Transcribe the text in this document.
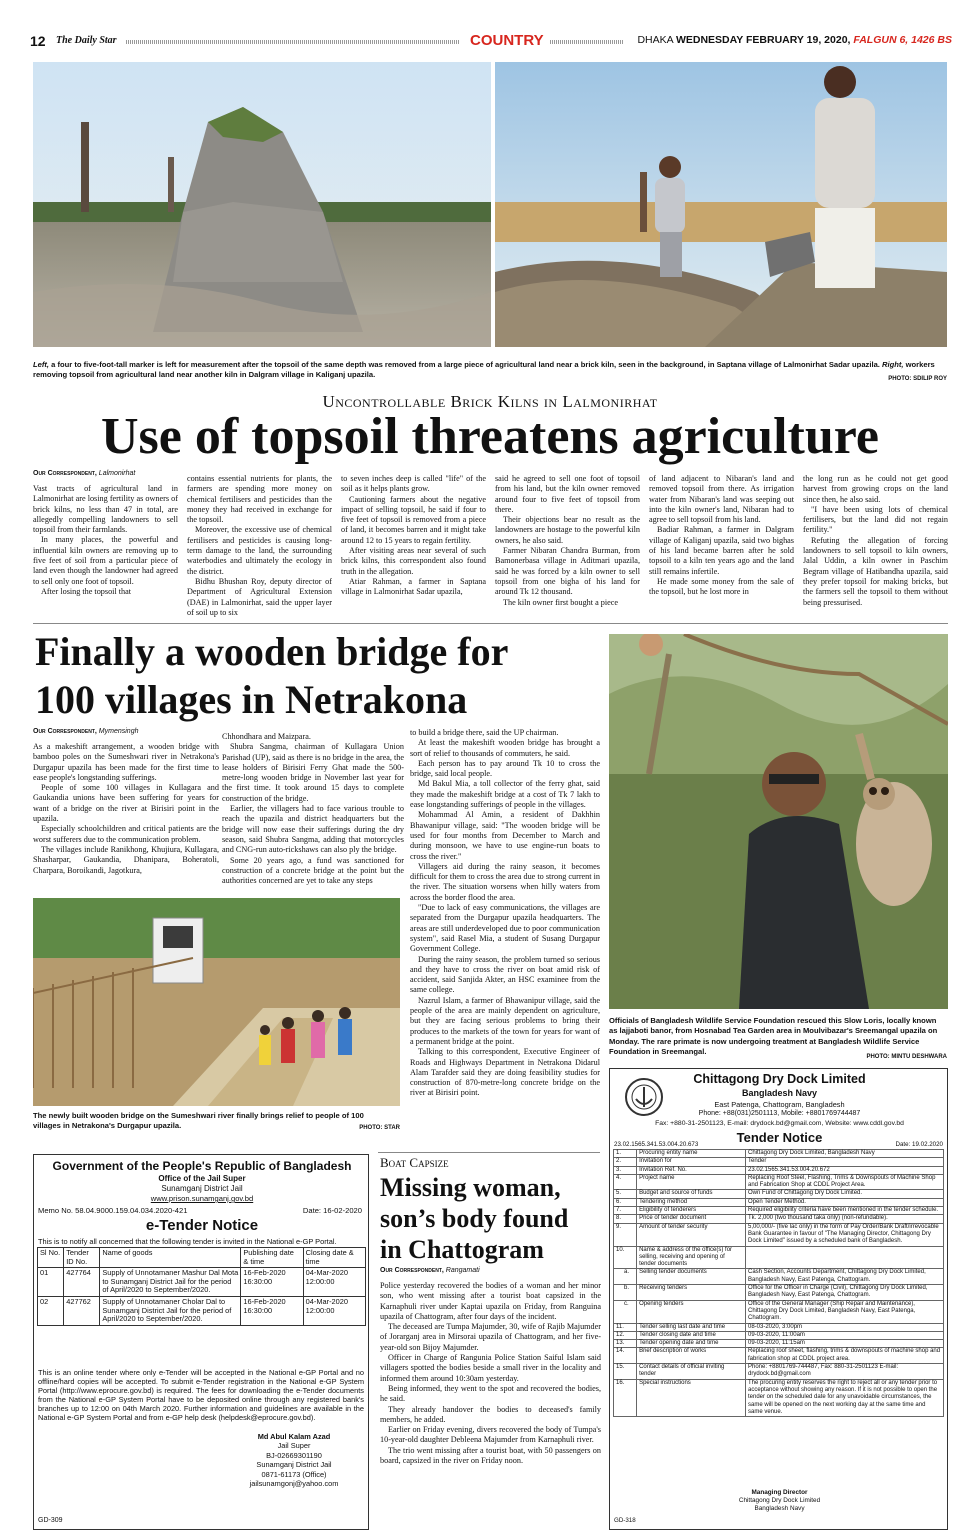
12 The Daily Star	COUNTRY	DHAKA WEDNESDAY FEBRUARY 19, 2020, FALGUN 6, 1426 BS
Left, a four to five-foot-tall marker is left for measurement after the topsoil of the same depth was removed from a large piece of agricultural land near a brick kiln, seen in the background, in Saptana village of Lalmonirhat Sadar upazila. Right, workers removing topsoil from agricultural land near another kiln in Dalgram village in Kaliganj upazila.	PHOTO: SDILIP ROY
Uncontrollable Brick Kilns in Lalmonirhat
Use of topsoil threatens agriculture
Our Correspondent, Lalmonirhat

Vast tracts of agricultural land in Lalmonirhat are losing fertility as owners of brick kilns, no less than 47 in total, are allegedly compelling landowners to sell topsoil from their farmlands.

In many places, the powerful and influential kiln owners are removing up to five feet of soil from a particular piece of land even though the landowner had agreed to sell only one foot of topsoil.

After losing the topsoil that

contains essential nutrients for plants, the farmers are spending more money on chemical fertilisers and pesticides than the money they had received in exchange for the topsoil.

Moreover, the excessive use of chemical fertilisers and pesticides is causing long-term damage to the land, the surrounding waterbodies and ultimately the ecology in the district.

Bidhu Bhushan Roy, deputy director of Department of Agricultural Extension (DAE) in Lalmonirhat, said the upper layer of soil up to six

to seven inches deep is called "life" of the soil as it helps plants grow.

Cautioning farmers about the negative impact of selling topsoil, he said if four to five feet of topsoil is removed from a piece of land, it becomes barren and it might take around 12 to 15 years to regain fertility.

After visiting areas near several of such brick kilns, this correspondent also found truth in the allegation.

Atiar Rahman, a farmer in Saptana village in Lalmonirhat Sadar upazila,

said he agreed to sell one foot of topsoil from his land, but the kiln owner removed around four to five feet of topsoil from there.

Their objections bear no result as the landowners are hostage to the powerful kiln owners, he also said.

Farmer Nibaran Chandra Burman, from Bamonerbasa village in Aditmari upazila, said he was forced by a kiln owner to sell topsoil from one bigha of his land for around Tk 12 thousand.

The kiln owner first bought a piece

of land adjacent to Nibaran's land and removed topsoil from there. As irrigation water from Nibaran's land was seeping out into the kiln owner's land, Nibaran had to agree to sell topsoil from his land.

Badiar Rahman, a farmer in Dalgram village of Kaliganj upazila, said two bighas of his land became barren after he sold topsoil to a kiln ten years ago and the land still remains infertile.

He made some money from the sale of the topsoil, but he lost more in

the long run as he could not get good harvest from growing crops on the land since then, he also said.

"I have been using lots of chemical fertilisers, but the land did not regain fertility."

Refuting the allegation of forcing landowners to sell topsoil to kiln owners, Jalal Uddin, a kiln owner in Paschim Begram village of Hatibandha upazila, said they prefer topsoil for making bricks, but the farmers sell the topsoil to them without being pressurised.

Finally a wooden bridge for
100 villages in Netrakona
Our Correspondent, Mymensingh

As a makeshift arrangement, a wooden bridge with bamboo poles on the Sumeshwari river in Netrakona's Durgapur upazila has been made for the first time to ease people's longstanding sufferings.

People of some 100 villages in Kullagara and Gaukandia unions have been suffering for years for want of a bridge on the river at Birisiri point in the upazila.

Especially schoolchildren and critical patients are the worst sufferers due to the communication problem.

The villages include Ranikhong, Khujiura, Kullagara, Shasharpar, Gaukandia, Dhanipara, Boheratoli, Charpara, Boroikandi, Jagotkura,

Chhondhara and Maizpara.

Shubra Sangma, chairman of Kullagara Union Parishad (UP), said as there is no bridge in the area, the lease holders of Birisiri Ferry Ghat made the 500-metre-long wooden bridge in November last year for the first time. It took around 15 days to complete construction of the bridge.

Earlier, the villagers had to face various trouble to reach the upazila and district headquarters but the bridge will now ease their sufferings during the dry season, said Shubra Sangma, adding that motorcycles and CNG-run auto-rickshaws can also ply the bridge.

Some 20 years ago, a fund was sanctioned for construction of a concrete bridge at the point but the authorities concerned are yet to take any steps

to build a bridge there, said the UP chairman.

At least the makeshift wooden bridge has brought a sort of relief to thousands of commuters, he said.

Each person has to pay around Tk 10 to cross the bridge, said local people.

Md Bakul Mia, a toll collector of the ferry ghat, said they made the makeshift bridge at a cost of Tk 7 lakh to ease longstanding sufferings of people in the villages.

Mohammad Al Amin, a resident of Dakhhin Bhawanipur village, said: "The wooden bridge will be used for four months from December to March and during monsoon, we have to use engine-run boats to cross the river."

Villagers aid during the rainy season, it becomes difficult for them to cross the area due to strong current in the river. The situation worsens when hilly waters from across the border flood the area.

"Due to lack of easy communications, the villages are separated from the Durgapur upazila headquarters. The areas are still underdeveloped due to poor communication system", said Rasel Mia, a student of Susang Durgapur Government College.

During the rainy season, the problem turned so serious and they have to cross the river on boat amid risk of accident, said Sanjida Akter, an HSC examinee from the same college.

Nazrul Islam, a farmer of Bhawanipur village, said the people of the area are mainly dependent on agriculture, but they are facing serious problems to bring their produces to the markets of the town for years for want of a permanent bridge at the point.

Talking to this correspondent, Executive Engineer of Roads and Highways Department in Netrakona Didarul Alam Tarafder said they are doing feasibility studies for construction of 870-metre-long concrete bridge on the river at Birisiri point.

The newly built wooden bridge on the Sumeshwari river finally brings relief to people of 100 villages in Netrakona's Durgapur upazila.	PHOTO: STAR
Officials of Bangladesh Wildlife Service Foundation rescued this Slow Loris, locally known as lajjaboti banor, from Hosnabad Tea Garden area in Moulvibazar's Sreemangal upazila on Monday. The rare primate is now undergoing treatment at Bangladesh Wildlife Service Foundation in Sreemangal.
PHOTO: MINTU DESHWARA
Chittagong Dry Dock Limited
Bangladesh Navy
East Patenga, Chattogram, Bangladesh
Phone: +88(031)2501113, Mobile: +8801769744487
Fax: +880-31-2501123, E-mail: drydock.bd@gmail.com, Website: www.cddl.gov.bd
23.02.1565.341.53.004.20.673	Tender Notice	Date: 19.02.2020
1.	Procuring entity name	Chittagong Dry Dock Limited, Bangladesh Navy
2.	Invitation for	Tender
3.	Invitation Ref. No.	23.02.1565.341.53.004.20.672
4.	Project name	Replacing Roof Steel, Flashing, Trims & Downspouts of Machine Shop and Fabrication Shop at CDDL Project Area.
5.	Budget and source of funds	Own Fund of Chittagong Dry Dock Limited.
6.	Tendering method	Open Tender Method.
7.	Eligibility of tenderers	Required eligibility criteria have been mentioned in the tender schedule.
8.	Price of tender document	Tk. 2,000 (two thousand taka only) (non-refundable).
9.	Amount of tender security	5,00,000/- (five lac only) in the form of Pay Order/Bank Draft/irrevocable Bank Guarantee in favour of "The Managing Director, Chittagong Dry Dock Limited" issued by a scheduled bank of Bangladesh.
10.	Name & address of the office(s) for selling, receiving and opening of tender documents	
a.	Selling tender documents	Cash Section, Accounts Department, Chittagong Dry Dock Limited, Bangladesh Navy, East Patenga, Chattogram.
b.	Receiving tenders	Office for the Officer in Charge (Civil), Chittagong Dry Dock Limited, Bangladesh Navy, East Patenga, Chattogram.
c.	Opening tenders	Office of the General Manager (Ship Repair and Maintenance), Chittagong Dry Dock Limited, Bangladesh Navy, East Patenga, Chattogram.
11.	Tender selling last date and time	08-03-2020, 3:00pm
12.	Tender closing date and time	09-03-2020, 11:00am
13.	Tender opening date and time	09-03-2020, 11:15am
14.	Brief description of works	Replacing roof sheet, flashing, trims & downspouts of machine shop and fabrication shop at CDDL project area.
15.	Contact details of official inviting tender	Phone: +8801769-744487, Fax: 880-31-2501123 E-mail: drydock.bd@gmail.com
16.	Special instructions	The procuring entity reserves the right to reject all or any tender prior to acceptance without showing any reason. If it is not possible to open the tender on the scheduled date for any unavoidable circumstances, the same will be opened on the next working day at the same time and same venue.
Managing Director
Chittagong Dry Dock Limited
Bangladesh Navy
GD-318
Government of the People's Republic of Bangladesh
Office of the Jail Super
Sunamganj District Jail
www.prison.sunamganj.gov.bd
Memo No. 58.04.9000.159.04.034.2020-421	Date: 16-02-2020
e-Tender Notice
This is to notify all concerned that the following tender is invited in the National e-GP Portal.
Sl No.	Tender ID No.	Name of goods	Publishing date & time	Closing date & time
01	427764	Supply of Unnotamaner Mashur Dal Mota to Sunamganj District Jail for the period of April/2020 to September/2020.	16-Feb-2020 16:30:00	04-Mar-2020 12:00:00
02	427762	Supply of Unnotamaner Cholar Dal to Sunamganj District Jail for the period of April/2020 to September/2020.	16-Feb-2020 16:30:00	04-Mar-2020 12:00:00
This is an online tender where only e-Tender will be accepted in the National e-GP Portal and no offline/hard copies will be accepted. To submit e-Tender registration in the National e-GP System Portal (http://www.eprocure.gov.bd) is required. The fees for downloading the e-Tender documents from the National e-GP System Portal have to be deposited online through any registered bank's branches up to 12:00 on 04th March 2020. Further information and guidelines are available in the National e-GP System Portal and from e-GP help desk (helpdesk@eprocure.gov.bd).
Md Abul Kalam Azad
Jail Super
BJ-02669301190
Sunamganj District Jail
0871-61173 (Office)
jailsunamgonj@yahoo.com
GD-309
Boat Capsize
Missing woman,
son’s body found
in Chattogram
Our Correspondent, Rangamati

Police yesterday recovered the bodies of a woman and her minor son, who went missing after a tourist boat capsized in the Karnaphuli river under Kaptai upazila on Friday, from Ranguina upazila of Chattogram, after four days of the incident.

The deceased are Tumpa Majumder, 30, wife of Rajib Majumder of Jorarganj area in Mirsorai upazila of Chattogram, and her five-year-old son Bijoy Majumder.

Officer in Charge of Rangunia Police Station Saiful Islam said villagers spotted the bodies beside a small river in the locality and informed them around 10:30am yesterday.

Being informed, they went to the spot and recovered the bodies, he said.

They already handover the bodies to deceased's family members, he added.

Earlier on Friday evening, divers recovered the body of Tumpa's 10-year-old daughter Debleena Majumder from Karnaphuli river.

The trio went missing after a tourist boat, with 50 passengers on board, capsized in the river on Friday noon.
